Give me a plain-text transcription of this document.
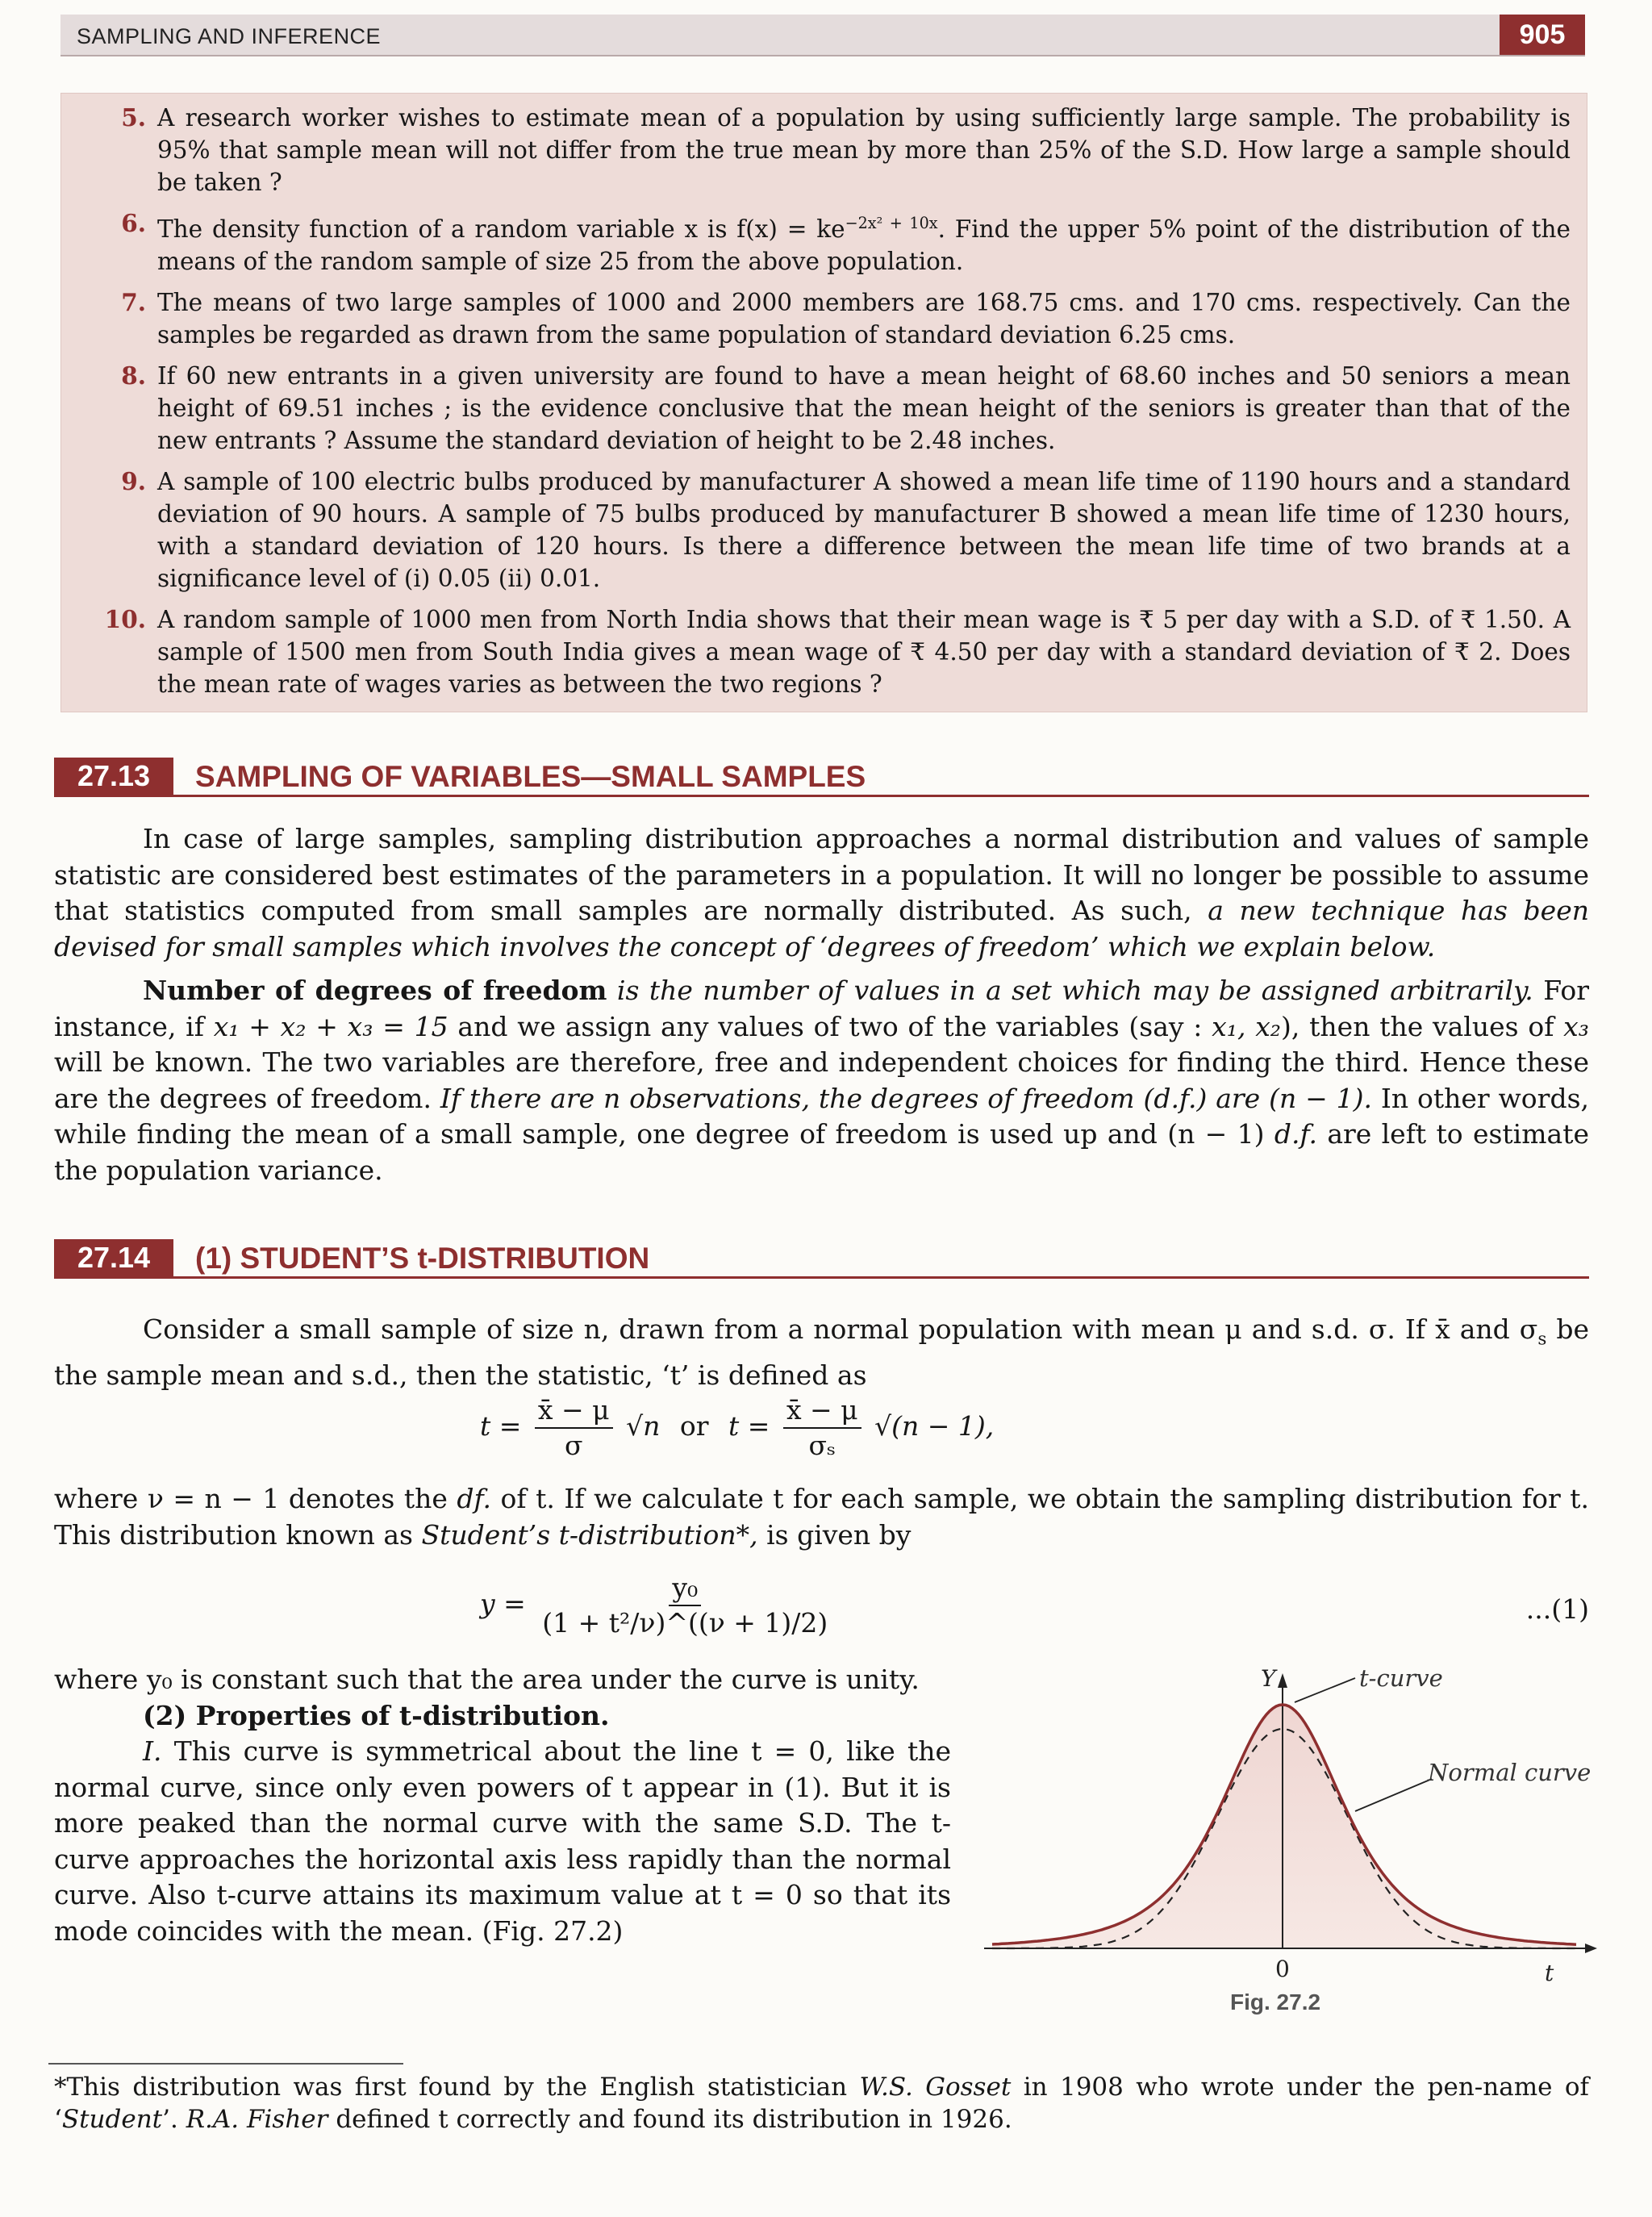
SAMPLING AND INFERENCE	905
5. A research worker wishes to estimate mean of a population by using sufficiently large sample. The probability is 95% that sample mean will not differ from the true mean by more than 25% of the S.D. How large a sample should be taken ?
6. The density function of a random variable x is $f(x) = ke^{-2x^2 + 10x}$. Find the upper 5% point of the distribution of the means of the random sample of size 25 from the above population.
7. The means of two large samples of 1000 and 2000 members are 168.75 cms. and 170 cms. respectively. Can the samples be regarded as drawn from the same population of standard deviation 6.25 cms.
8. If 60 new entrants in a given university are found to have a mean height of 68.60 inches and 50 seniors a mean height of 69.51 inches ; is the evidence conclusive that the mean height of the seniors is greater than that of the new entrants ? Assume the standard deviation of height to be 2.48 inches.
9. A sample of 100 electric bulbs produced by manufacturer A showed a mean life time of 1190 hours and a standard deviation of 90 hours. A sample of 75 bulbs produced by manufacturer B showed a mean life time of 1230 hours, with a standard deviation of 120 hours. Is there a difference between the mean life time of two brands at a significance level of (i) 0.05 (ii) 0.01.
10. A random sample of 1000 men from North India shows that their mean wage is ₹ 5 per day with a S.D. of ₹ 1.50. A sample of 1500 men from South India gives a mean wage of ₹ 4.50 per day with a standard deviation of ₹ 2. Does the mean rate of wages varies as between the two regions ?
27.13	SAMPLING OF VARIABLES—SMALL SAMPLES

In case of large samples, sampling distribution approaches a normal distribution and values of sample statistic are considered best estimates of the parameters in a population. It will no longer be possible to assume that statistics computed from small samples are normally distributed. As such, a new technique has been devised for small samples which involves the concept of ‘degrees of freedom’ which we explain below.

Number of degrees of freedom is the number of values in a set which may be assigned arbitrarily. For instance, if x₁ + x₂ + x₃ = 15 and we assign any values of two of the variables (say : x₁, x₂), then the values of x₃ will be known. The two variables are therefore, free and independent choices for finding the third. Hence these are the degrees of freedom. If there are n observations, the degrees of freedom (d.f.) are (n − 1). In other words, while finding the mean of a small sample, one degree of freedom is used up and (n − 1) d.f. are left to estimate the population variance.

27.14	(1) STUDENT’S t-DISTRIBUTION

Consider a small sample of size n, drawn from a normal population with mean μ and s.d. σ. If x̄ and $\sigma_s$ be the sample mean and s.d., then the statistic, ‘t’ is defined as

$t = \frac{x̄ - \mu}{\sigma} √n$ or $t = \frac{x̄ - \mu}{\text{σₛ}} √(n - 1)$,

where ν = n − 1 denotes the df. of t. If we calculate t for each sample, we obtain the sampling distribution for t. This distribution known as Student’s t-distribution*, is given by

$y = \frac{\text{y₀}}{\text{(1 + t²/ν)\textasciicircum{}((ν + 1)/2)}}$	...(1)
where y₀ is constant such that the area under the curve is unity.
(2) Properties of t-distribution.
I. This curve is symmetrical about the line t = 0, like the normal curve, since only even powers of t appear in (1). But it is more peaked than the normal curve with the same S.D. The t-curve approaches the horizontal axis less rapidly than the normal curve. Also t-curve attains its maximum value at t = 0 so that its mode coincides with the mean. (Fig. 27.2)
Y
t
0
t-curve
Normal curve
Fig. 27.2

*This distribution was first found by the English statistician W.S. Gosset in 1908 who wrote under the pen-name of ‘Student’. R.A. Fisher defined t correctly and found its distribution in 1926.
